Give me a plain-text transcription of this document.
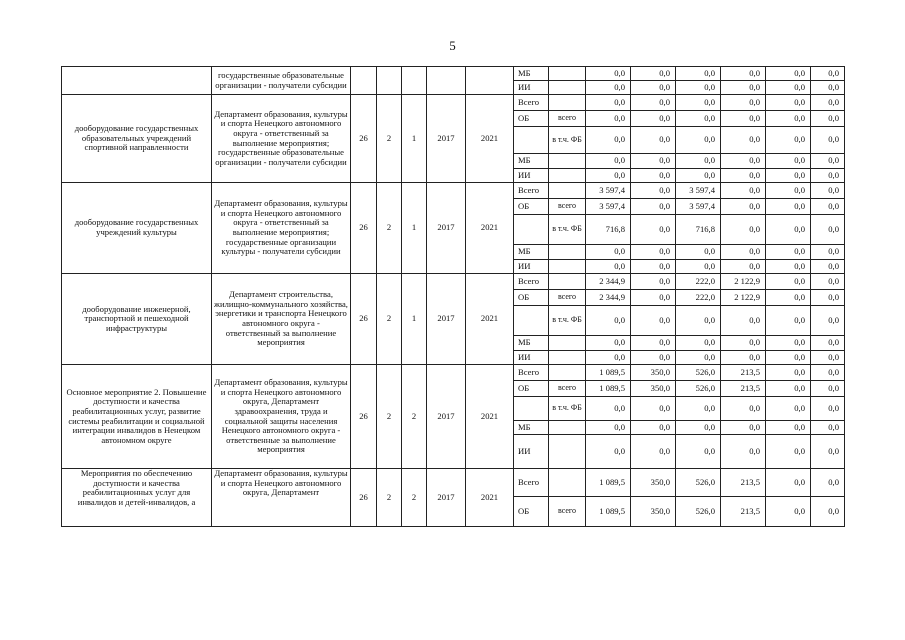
5

	государственные образовательные организации - получатели субсидии						МБ		0,0	0,0	0,0	0,0	0,0	0,0
							ИИ		0,0	0,0	0,0	0,0	0,0	0,0
дооборудование государственных образовательных учреждений спортивной направленности	Департамент образования, культуры и спорта Ненецкого автономного округа - ответственный за выполнение мероприятия; государственные образовательные организации - получатели субсидии	26	2	1	2017	2021	Всего		0,0	0,0	0,0	0,0	0,0	0,0
							ОБ	всего	0,0	0,0	0,0	0,0	0,0	0,0
								в т.ч. ФБ	0,0	0,0	0,0	0,0	0,0	0,0
							МБ		0,0	0,0	0,0	0,0	0,0	0,0
							ИИ		0,0	0,0	0,0	0,0	0,0	0,0
дооборудование государственных учреждений культуры	Департамент образования, культуры и спорта Ненецкого автономного округа - ответственный за выполнение мероприятия; государственные организации культуры - получатели субсидии	26	2	1	2017	2021	Всего		3 597,4	0,0	3 597,4	0,0	0,0	0,0
							ОБ	всего	3 597,4	0,0	3 597,4	0,0	0,0	0,0
								в т.ч. ФБ	716,8	0,0	716,8	0,0	0,0	0,0
							МБ		0,0	0,0	0,0	0,0	0,0	0,0
							ИИ		0,0	0,0	0,0	0,0	0,0	0,0
дооборудование инженерной, транспортной и пешеходной инфраструктуры	Департамент строительства, жилищно-коммунального хозяйства, энергетики и транспорта Ненецкого автономного округа - ответственный за выполнение мероприятия	26	2	1	2017	2021	Всего		2 344,9	0,0	222,0	2 122,9	0,0	0,0
							ОБ	всего	2 344,9	0,0	222,0	2 122,9	0,0	0,0
								в т.ч. ФБ	0,0	0,0	0,0	0,0	0,0	0,0
							МБ		0,0	0,0	0,0	0,0	0,0	0,0
							ИИ		0,0	0,0	0,0	0,0	0,0	0,0
Основное мероприятие 2. Повышение доступности и качества реабилитационных услуг, развитие системы реабилитации и социальной интеграции инвалидов в Ненецком автономном округе	Департамент образования, культуры и спорта Ненецкого автономного округа, Департамент здравоохранения, труда и социальной защиты населения Ненецкого автономного округа - ответственные за выполнение мероприятия	26	2	2	2017	2021	Всего		1 089,5	350,0	526,0	213,5	0,0	0,0
							ОБ	всего	1 089,5	350,0	526,0	213,5	0,0	0,0
								в т.ч. ФБ	0,0	0,0	0,0	0,0	0,0	0,0
							МБ		0,0	0,0	0,0	0,0	0,0	0,0
							ИИ		0,0	0,0	0,0	0,0	0,0	0,0
Мероприятия по обеспечению доступности и качества реабилитационных услуг для инвалидов и детей-инвалидов, а	Департамент образования, культуры и спорта Ненецкого автономного округа, Департамент	26	2	2	2017	2021	Всего		1 089,5	350,0	526,0	213,5	0,0	0,0
							ОБ	всего	1 089,5	350,0	526,0	213,5	0,0	0,0
